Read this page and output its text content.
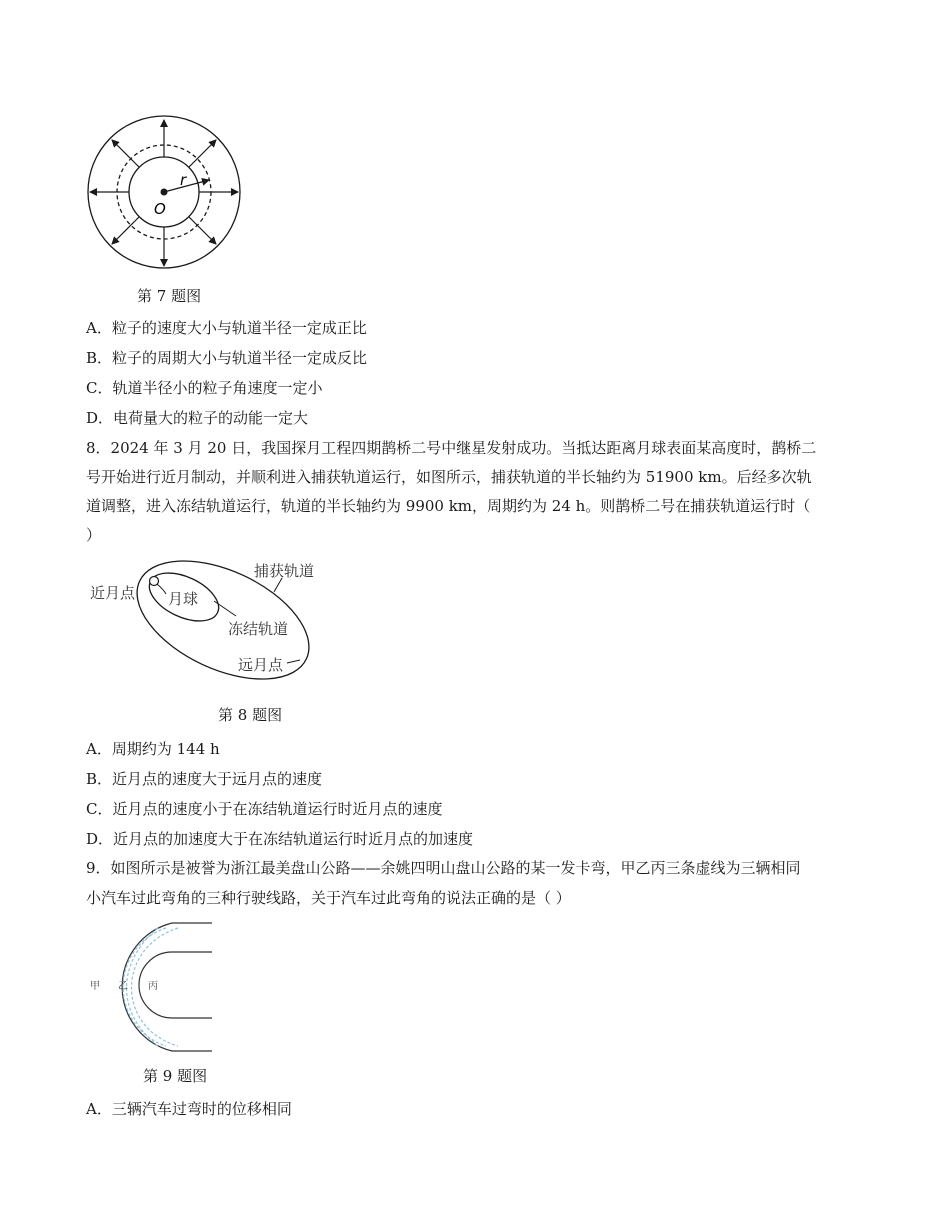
r
O
第 7 题图
A．粒子的速度大小与轨道半径一定成正比
B．粒子的周期大小与轨道半径一定成反比
C．轨道半径小的粒子角速度一定小
D．电荷量大的粒子的动能一定大
8．2024 年 3 月 20 日，我国探月工程四期鹊桥二号中继星发射成功。当抵达距离月球表面某高度时，鹊桥二
号开始进行近月制动，并顺利进入捕获轨道运行，如图所示，捕获轨道的半长轴约为 51900 km。后经多次轨
道调整，进入冻结轨道运行，轨道的半长轴约为 9900 km，周期约为 24 h。则鹊桥二号在捕获轨道运行时（
）
近月点 月球
捕获轨道
冻结轨道
远月点
第 8 题图
A．周期约为 144 h
B．近月点的速度大于远月点的速度
C．近月点的速度小于在冻结轨道运行时近月点的速度
D．近月点的加速度大于在冻结轨道运行时近月点的加速度
9．如图所示是被誉为浙江最美盘山公路——余姚四明山盘山公路的某一发卡弯，甲乙丙三条虚线为三辆相同
小汽车过此弯角的三种行驶线路，关于汽车过此弯角的说法正确的是（ ）
甲 乙 丙
第 9 题图
A．三辆汽车过弯时的位移相同
